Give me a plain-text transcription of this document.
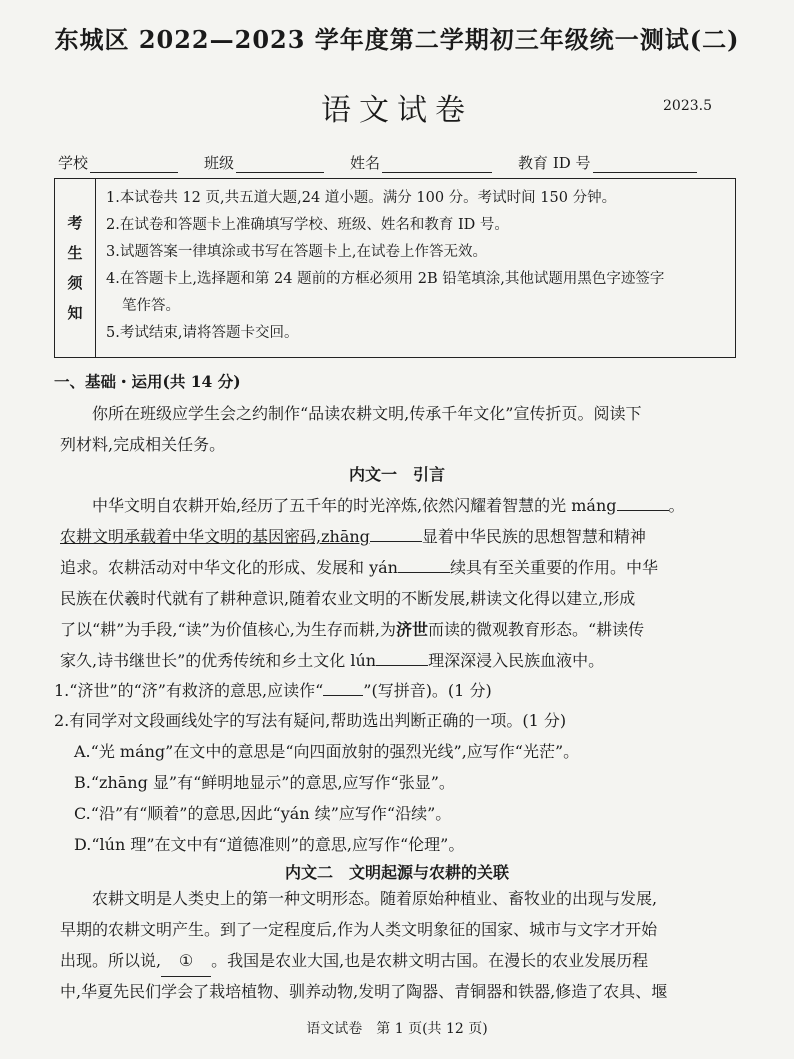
东城区 2022—2023 学年度第二学期初三年级统一测试(二)
语文试卷	2023.5
学校	班级	姓名	教育 ID 号
考
生
须
知
1.本试卷共 12 页,共五道大题,24 道小题。满分 100 分。考试时间 150 分钟。
2.在试卷和答题卡上准确填写学校、班级、姓名和教育 ID 号。
3.试题答案一律填涂或书写在答题卡上,在试卷上作答无效。
4.在答题卡上,选择题和第 24 题前的方框必须用 2B 铅笔填涂,其他试题用黑色字迹签字
笔作答。
5.考试结束,请将答题卡交回。
一、基础・运用(共 14 分)
你所在班级应学生会之约制作“品读农耕文明,传承千年文化”宣传折页。阅读下
列材料,完成相关任务。
内文一　引言
中华文明自农耕开始,经历了五千年的时光淬炼,依然闪耀着智慧的光 máng	。
农耕文明承载着中华文明的基因密码,zhāng	显着中华民族的思想智慧和精神
追求。农耕活动对中华文化的形成、发展和 yán	续具有至关重要的作用。中华
民族在伏羲时代就有了耕种意识,随着农业文明的不断发展,耕读文化得以建立,形成
了以“耕”为手段,“读”为价值核心,为生存而耕,为济世而读的微观教育形态。“耕读传
家久,诗书继世长”的优秀传统和乡土文化 lún	理深深浸入民族血液中。
1.“济世”的“济”有救济的意思,应读作“	”(写拼音)。(1 分)
2.有同学对文段画线处字的写法有疑问,帮助选出判断正确的一项。(1 分)
A.“光 máng”在文中的意思是“向四面放射的强烈光线”,应写作“光茫”。
B.“zhāng 显”有“鲜明地显示”的意思,应写作“张显”。
C.“沿”有“顺着”的意思,因此“yán 续”应写作“沿续”。
D.“lún 理”在文中有“道德准则”的意思,应写作“伦理”。
内文二　文明起源与农耕的关联
农耕文明是人类史上的第一种文明形态。随着原始种植业、畜牧业的出现与发展,
早期的农耕文明产生。到了一定程度后,作为人类文明象征的国家、城市与文字才开始
出现。所以说, ① 。我国是农业大国,也是农耕文明古国。在漫长的农业发展历程
中,华夏先民们学会了栽培植物、驯养动物,发明了陶器、青铜器和铁器,修造了农具、堰
语文试卷　第 1 页(共 12 页)
